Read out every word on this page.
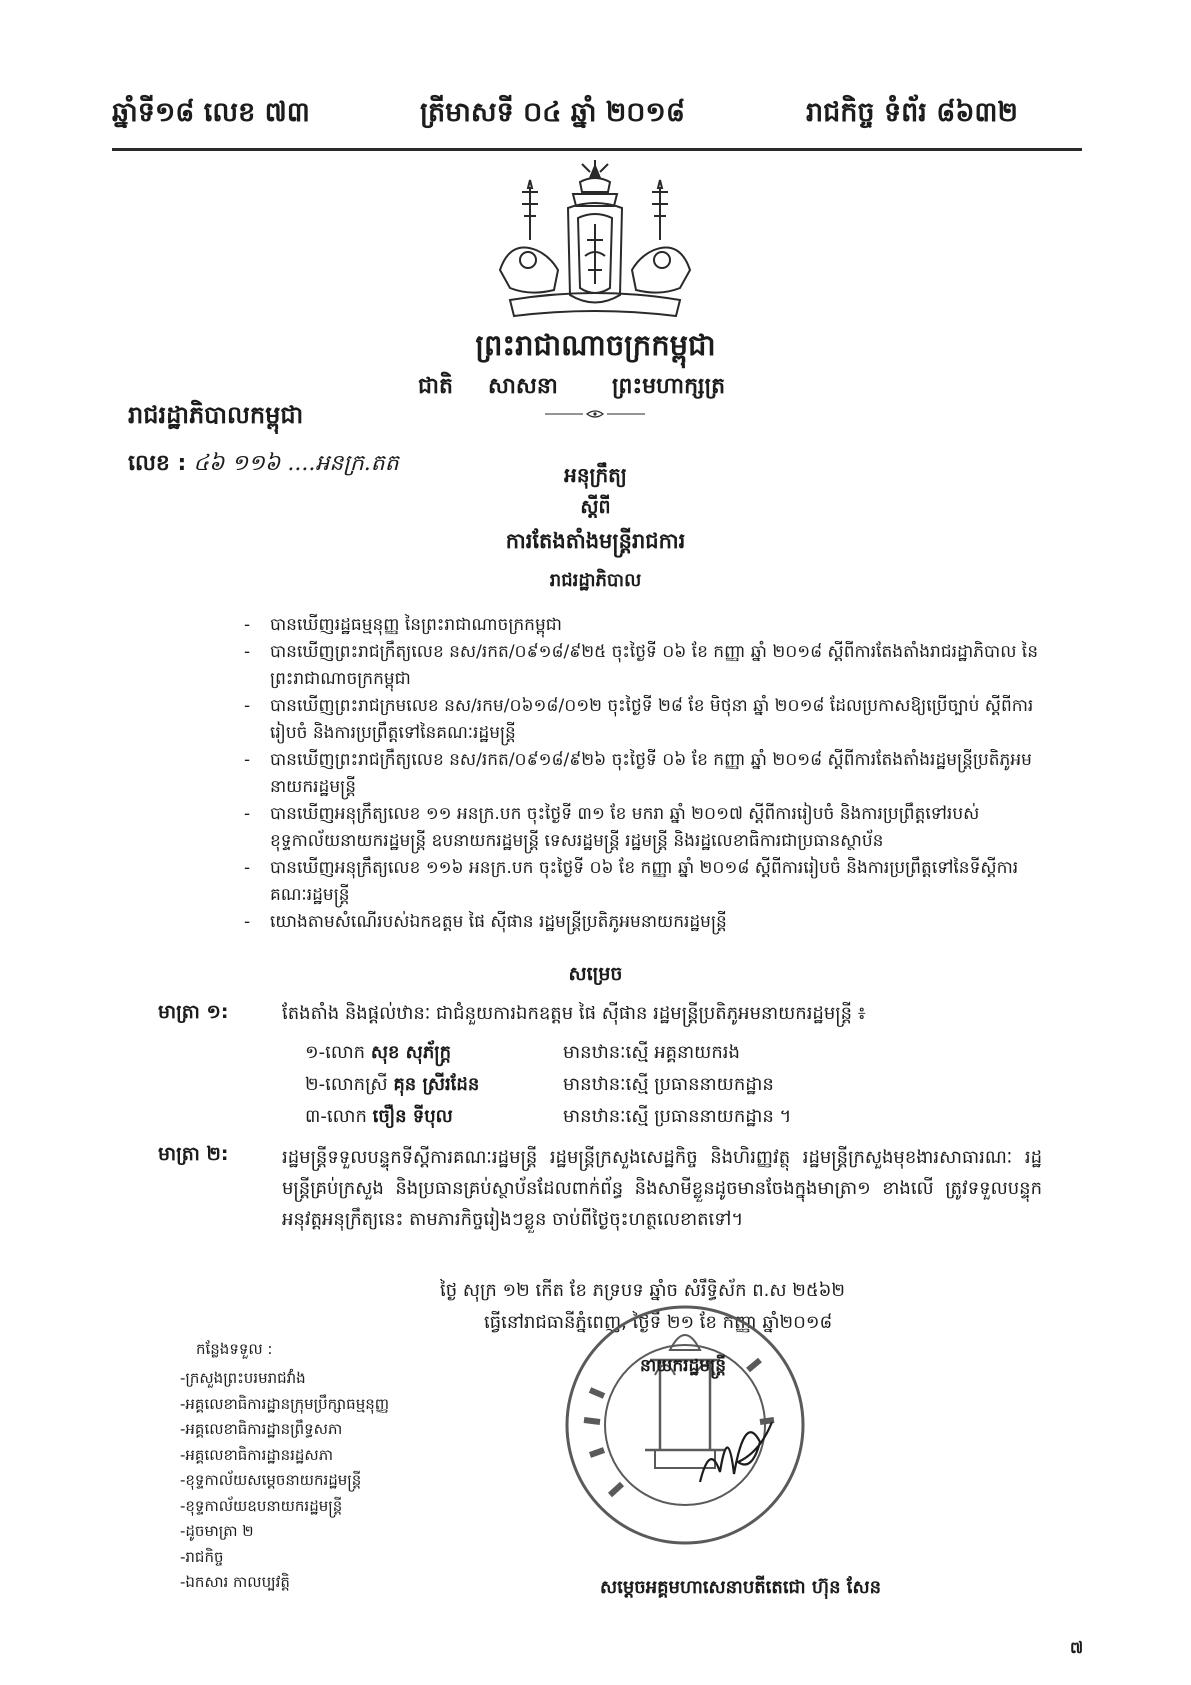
ឆ្នាំទី១៨ លេខ ៧៣	ត្រីមាសទី ០៤ ឆ្នាំ ២០១៨	រាជកិច្ច ទំព័រ ៨៦៣២
ព្រះរាជាណាចក្រកម្ពុជា
ជាតិ សាសនា ព្រះមហាក្សត្រ
រាជរដ្ឋាភិបាលកម្ពុជា
លេខ : ៤៦ ១១៦ ....អនក្រ.តត	អនុក្រឹត្យ
ស្តីពី
ការតែងតាំងមន្ត្រីរាជការ
រាជរដ្ឋាភិបាល
- បានឃើញរដ្ឋធម្មនុញ្ញ នៃព្រះរាជាណាចក្រកម្ពុជា
- បានឃើញព្រះរាជក្រឹត្យលេខ នស/រកត/០៩១៨/៩២៥ ចុះថ្ងៃទី ០៦ ខែ កញ្ញា ឆ្នាំ ២០១៨ ស្តីពីការតែងតាំងរាជរដ្ឋាភិបាល នៃព្រះរាជាណាចក្រកម្ពុជា
- បានឃើញព្រះរាជក្រមលេខ នស/រកម/០៦១៨/០១២ ចុះថ្ងៃទី ២៨ ខែ មិថុនា ឆ្នាំ ២០១៨ ដែលប្រកាសឱ្យប្រើច្បាប់ ស្តីពីការរៀបចំ និងការប្រព្រឹត្តទៅនៃគណៈរដ្ឋមន្ត្រី
- បានឃើញព្រះរាជក្រឹត្យលេខ នស/រកត/០៩១៨/៩២៦ ចុះថ្ងៃទី ០៦ ខែ កញ្ញា ឆ្នាំ ២០១៨ ស្តីពីការតែងតាំងរដ្ឋមន្ត្រីប្រតិភូអមនាយករដ្ឋមន្ត្រី
- បានឃើញអនុក្រឹត្យលេខ ១១ អនក្រ.បក ចុះថ្ងៃទី ៣១ ខែ មករា ឆ្នាំ ២០១៧ ស្តីពីការរៀបចំ និងការប្រព្រឹត្តទៅរបស់ខុទ្ទកាល័យនាយករដ្ឋមន្ត្រី ឧបនាយករដ្ឋមន្ត្រី ទេសរដ្ឋមន្ត្រី រដ្ឋមន្ត្រី និងរដ្ឋលេខាធិការជាប្រធានស្ថាប័ន
- បានឃើញអនុក្រឹត្យលេខ ១១៦ អនក្រ.បក ចុះថ្ងៃទី ០៦ ខែ កញ្ញា ឆ្នាំ ២០១៨ ស្តីពីការរៀបចំ និងការប្រព្រឹត្តទៅនៃទីស្តីការគណៈរដ្ឋមន្ត្រី
- យោងតាមសំណើរបស់ឯកឧត្តម ផៃ ស៊ីផាន រដ្ឋមន្ត្រីប្រតិភូអមនាយករដ្ឋមន្ត្រី
សម្រេច
មាត្រា ១:	តែងតាំង និងផ្តល់ឋានៈ ជាជំនួយការឯកឧត្តម ផៃ ស៊ីផាន រដ្ឋមន្ត្រីប្រតិភូអមនាយករដ្ឋមន្ត្រី ៖
១-លោក សុខ សុភ័ក្ត្រ	មានឋានៈស្មើ អគ្គនាយករង
២-លោកស្រី គុន ស្រីរដែន	មានឋានៈស្មើ ប្រធាននាយកដ្ឋាន
៣-លោក ចឿន ទីបុល	មានឋានៈស្មើ ប្រធាននាយកដ្ឋាន ។
មាត្រា ២:	រដ្ឋមន្ត្រីទទួលបន្ទុកទីស្តីការគណៈរដ្ឋមន្ត្រី រដ្ឋមន្ត្រីក្រសួងសេដ្ឋកិច្ច និងហិរញ្ញវត្ថុ រដ្ឋមន្ត្រីក្រសួងមុខងារសាធារណៈ រដ្ឋមន្ត្រីគ្រប់ក្រសួង និងប្រធានគ្រប់ស្ថាប័នដែលពាក់ព័ន្ធ និងសាមីខ្លួនដូចមានចែងក្នុងមាត្រា១ ខាងលើ ត្រូវទទួលបន្ទុកអនុវត្តអនុក្រឹត្យនេះ តាមភារកិច្ចរៀងៗខ្លួន ចាប់ពីថ្ងៃចុះហត្ថលេខាតទៅ។
ថ្ងៃ សុក្រ ១២ កើត ខែ ភទ្របទ ឆ្នាំច សំរឹទ្ធិស័ក ព.ស ២៥៦២
ធ្វើនៅរាជធានីភ្នំពេញ, ថ្ងៃទី ២១ ខែ កញ្ញា ឆ្នាំ២០១៨
នាយករដ្ឋមន្ត្រី
សម្តេចអគ្គមហាសេនាបតីតេជោ ហ៊ុន សែន
កន្លែងទទួល :
-ក្រសួងព្រះបរមរាជវាំង
-អគ្គលេខាធិការដ្ឋានក្រុមប្រឹក្សាធម្មនុញ្ញ
-អគ្គលេខាធិការដ្ឋានព្រឹទ្ធសភា
-អគ្គលេខាធិការដ្ឋានរដ្ឋសភា
-ខុទ្ទកាល័យសម្តេចនាយករដ្ឋមន្ត្រី
-ខុទ្ទកាល័យឧបនាយករដ្ឋមន្ត្រី
-ដូចមាត្រា ២
-រាជកិច្ច
-ឯកសារ កាលប្បវត្តិ
៧
